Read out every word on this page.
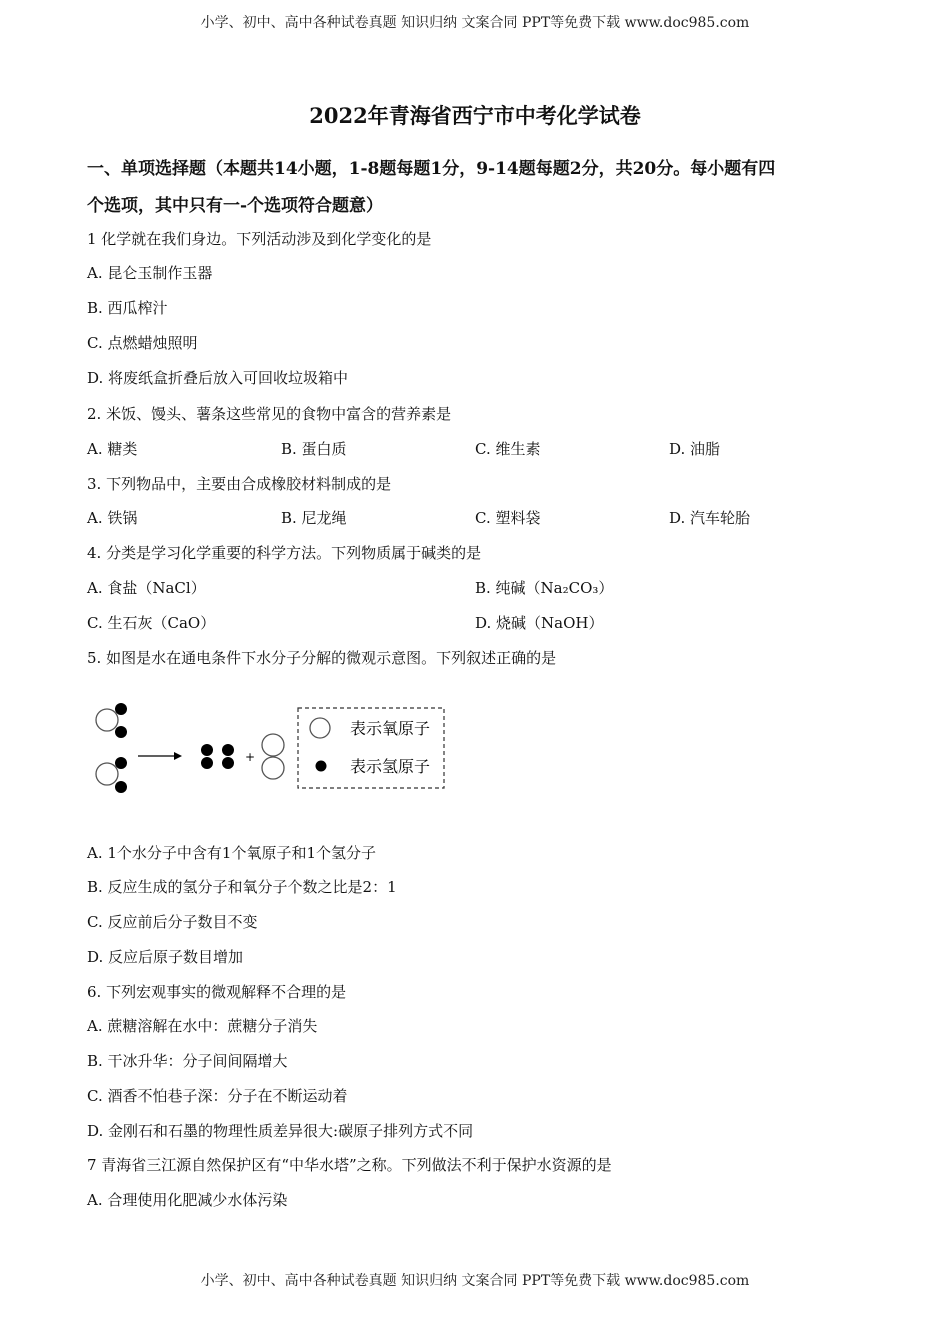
小学、初中、高中各种试卷真题 知识归纳 文案合同 PPT等免费下载 www.doc985.com
2022年青海省西宁市中考化学试卷
一、单项选择题（本题共14小题，1-8题每题1分，9-14题每题2分，共20分。每小题有四
个选项，其中只有一-个选项符合题意）
1 化学就在我们身边。下列活动涉及到化学变化的是
A. 昆仑玉制作玉器
B. 西瓜榨汁
C. 点燃蜡烛照明
D. 将废纸盒折叠后放入可回收垃圾箱中
2. 米饭、馒头、薯条这些常见的食物中富含的营养素是
A. 糖类	B. 蛋白质	C. 维生素	D. 油脂
3. 下列物品中，主要由合成橡胶材料制成的是
A. 铁锅	B. 尼龙绳	C. 塑料袋	D. 汽车轮胎
4. 分类是学习化学重要的科学方法。下列物质属于碱类的是
A. 食盐（NaCl）	B. 纯碱（Na₂CO₃）
C. 生石灰（CaO）	D. 烧碱（NaOH）
5. 如图是水在通电条件下水分子分解的微观示意图。下列叙述正确的是
+
表示氧原子
表示氢原子
A. 1个水分子中含有1个氧原子和1个氢分子
B. 反应生成的氢分子和氧分子个数之比是2：1
C. 反应前后分子数目不变
D. 反应后原子数目增加
6. 下列宏观事实的微观解释不合理的是
A. 蔗糖溶解在水中：蔗糖分子消失
B. 干冰升华：分子间间隔增大
C. 酒香不怕巷子深：分子在不断运动着
D. 金刚石和石墨的物理性质差异很大:碳原子排列方式不同
7 青海省三江源自然保护区有“中华水塔”之称。下列做法不利于保护水资源的是
A. 合理使用化肥减少水体污染
小学、初中、高中各种试卷真题 知识归纳 文案合同 PPT等免费下载 www.doc985.com
